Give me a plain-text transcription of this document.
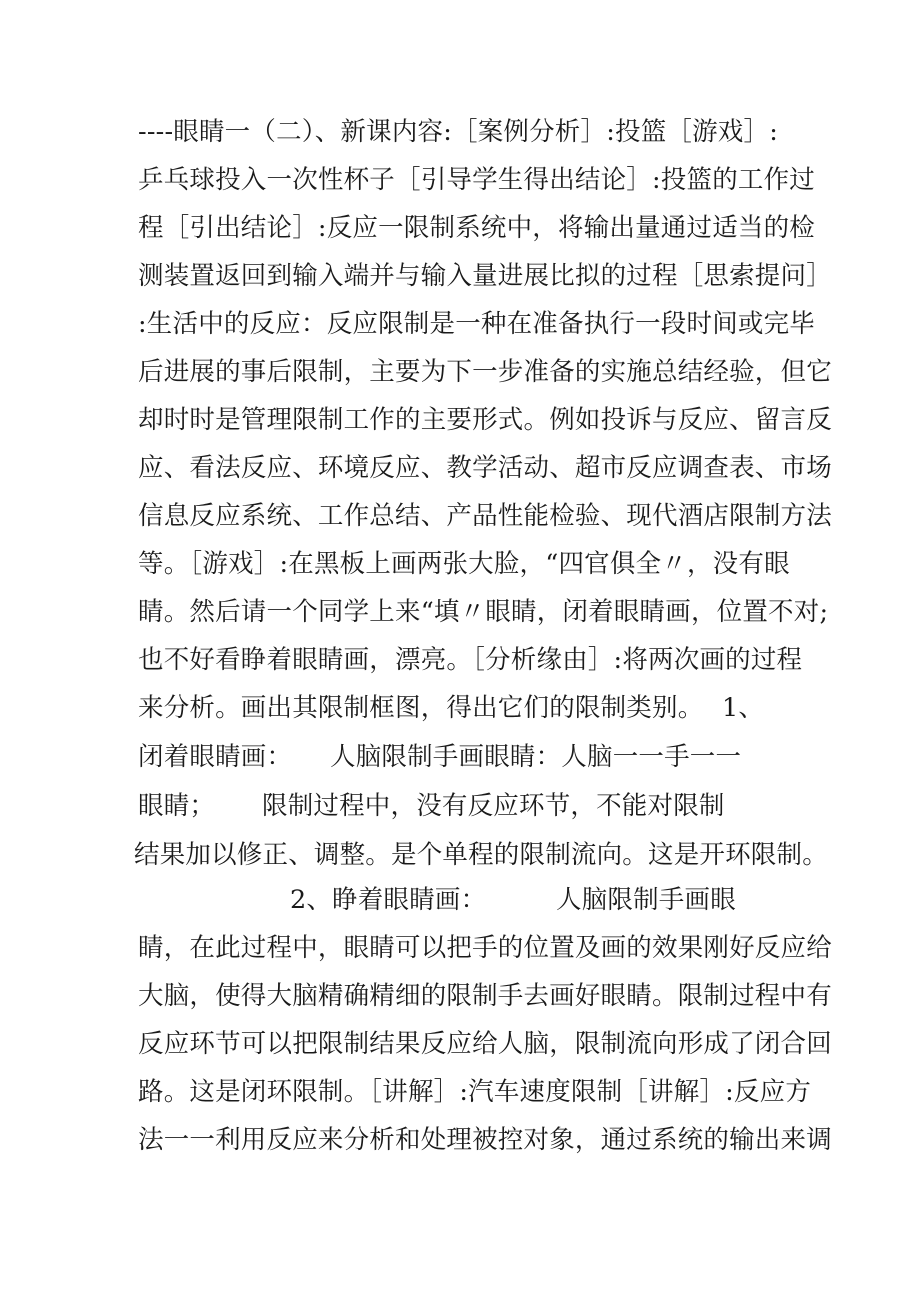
----眼睛一（二）、新课内容:［案例分析］:投篮［游戏］:
乒乓球投入一次性杯子［引导学生得出结论］:投篮的工作过
程［引出结论］:反应一限制系统中，将输出量通过适当的检
测装置返回到输入端并与输入量进展比拟的过程［思索提问］
:生活中的反应：反应限制是一种在准备执行一段时间或完毕
后进展的事后限制，主要为下一步准备的实施总结经验，但它
却时时是管理限制工作的主要形式。例如投诉与反应、留言反
应、看法反应、环境反应、教学活动、超市反应调查表、市场
信息反应系统、工作总结、产品性能检验、现代酒店限制方法
等。［游戏］:在黑板上画两张大脸，“四官俱全〃，没有眼
睛。然后请一个同学上来“填〃眼睛，闭着眼睛画，位置不对;
也不好看睁着眼睛画，漂亮。［分析缘由］:将两次画的过程
来分析。画出其限制框图，得出它们的限制类别。 1、
闭着眼睛画： 人脑限制手画眼睛：人脑一一手一一
眼睛； 限制过程中，没有反应环节，不能对限制
结果加以修正、调整。是个单程的限制流向。这是开环限制。
2、睁着眼睛画：	人脑限制手画眼
睛，在此过程中，眼睛可以把手的位置及画的效果刚好反应给
大脑，使得大脑精确精细的限制手去画好眼睛。限制过程中有
反应环节可以把限制结果反应给人脑，限制流向形成了闭合回
路。这是闭环限制。［讲解］:汽车速度限制［讲解］:反应方
法一一利用反应来分析和处理被控对象，通过系统的输出来调
